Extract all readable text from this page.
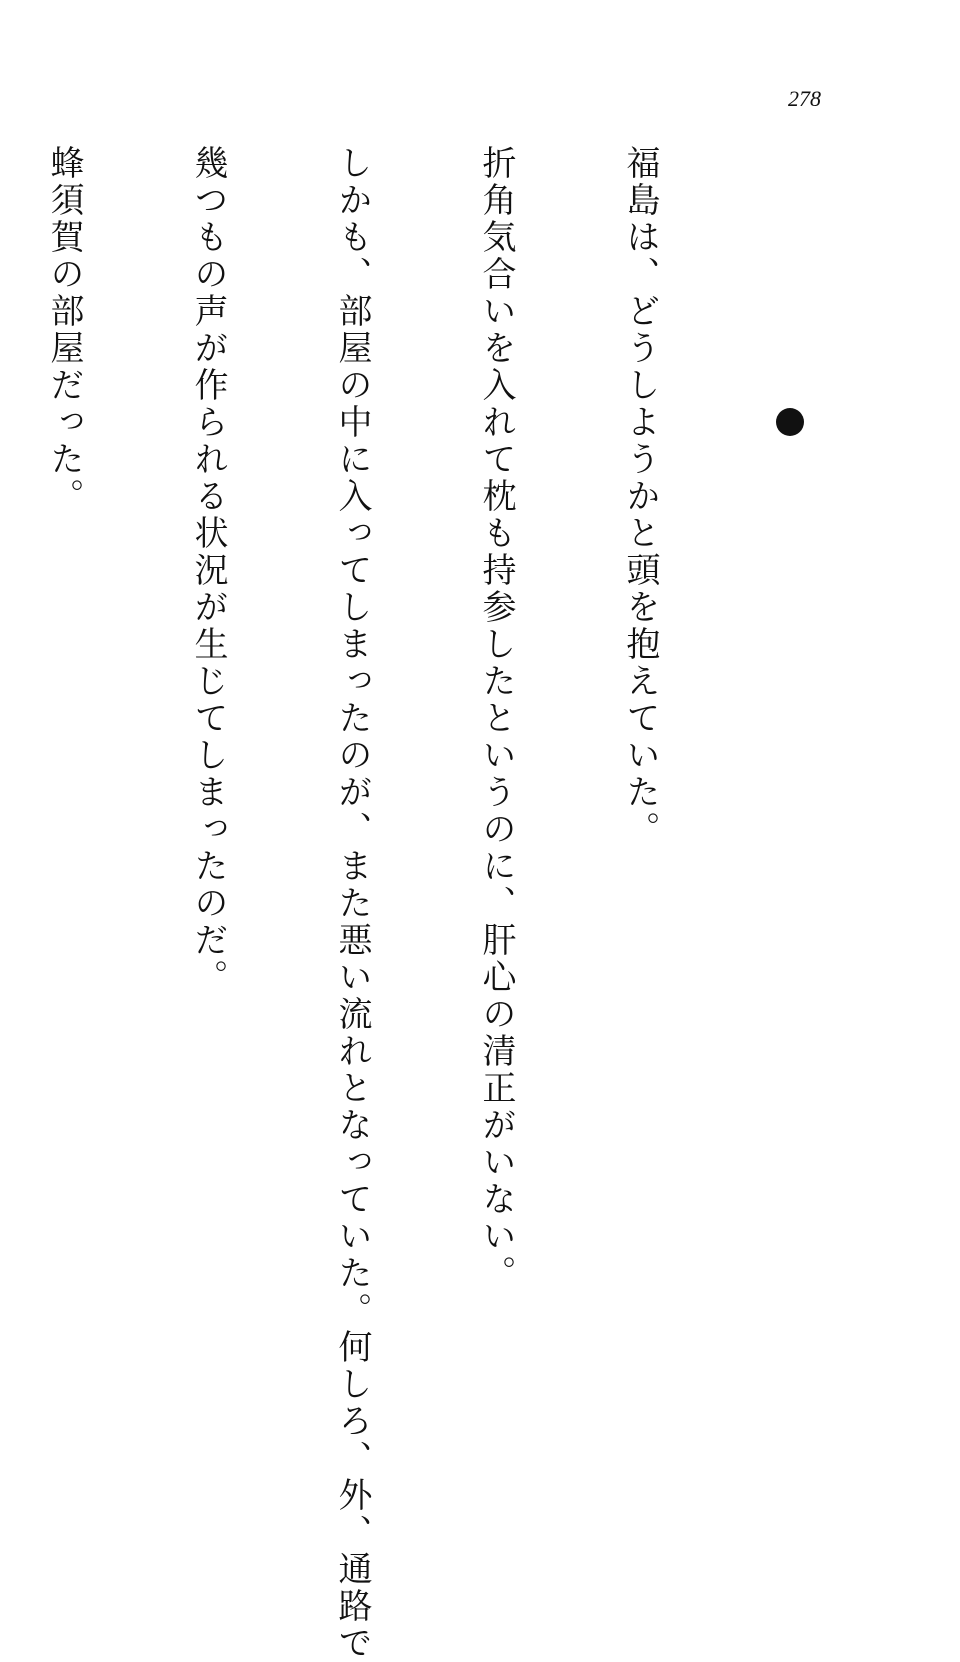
278

福島は、どうしようかと頭を抱えていた。

折角気合いを入れて枕も持参したというのに、肝心の清正がいない。

しかも、部屋の中に入ってしまったのが、また悪い流れとなっていた。何しろ、外、通路で

幾つもの声が作られる状況が生じてしまったのだ。

蜂須賀の部屋だった。
